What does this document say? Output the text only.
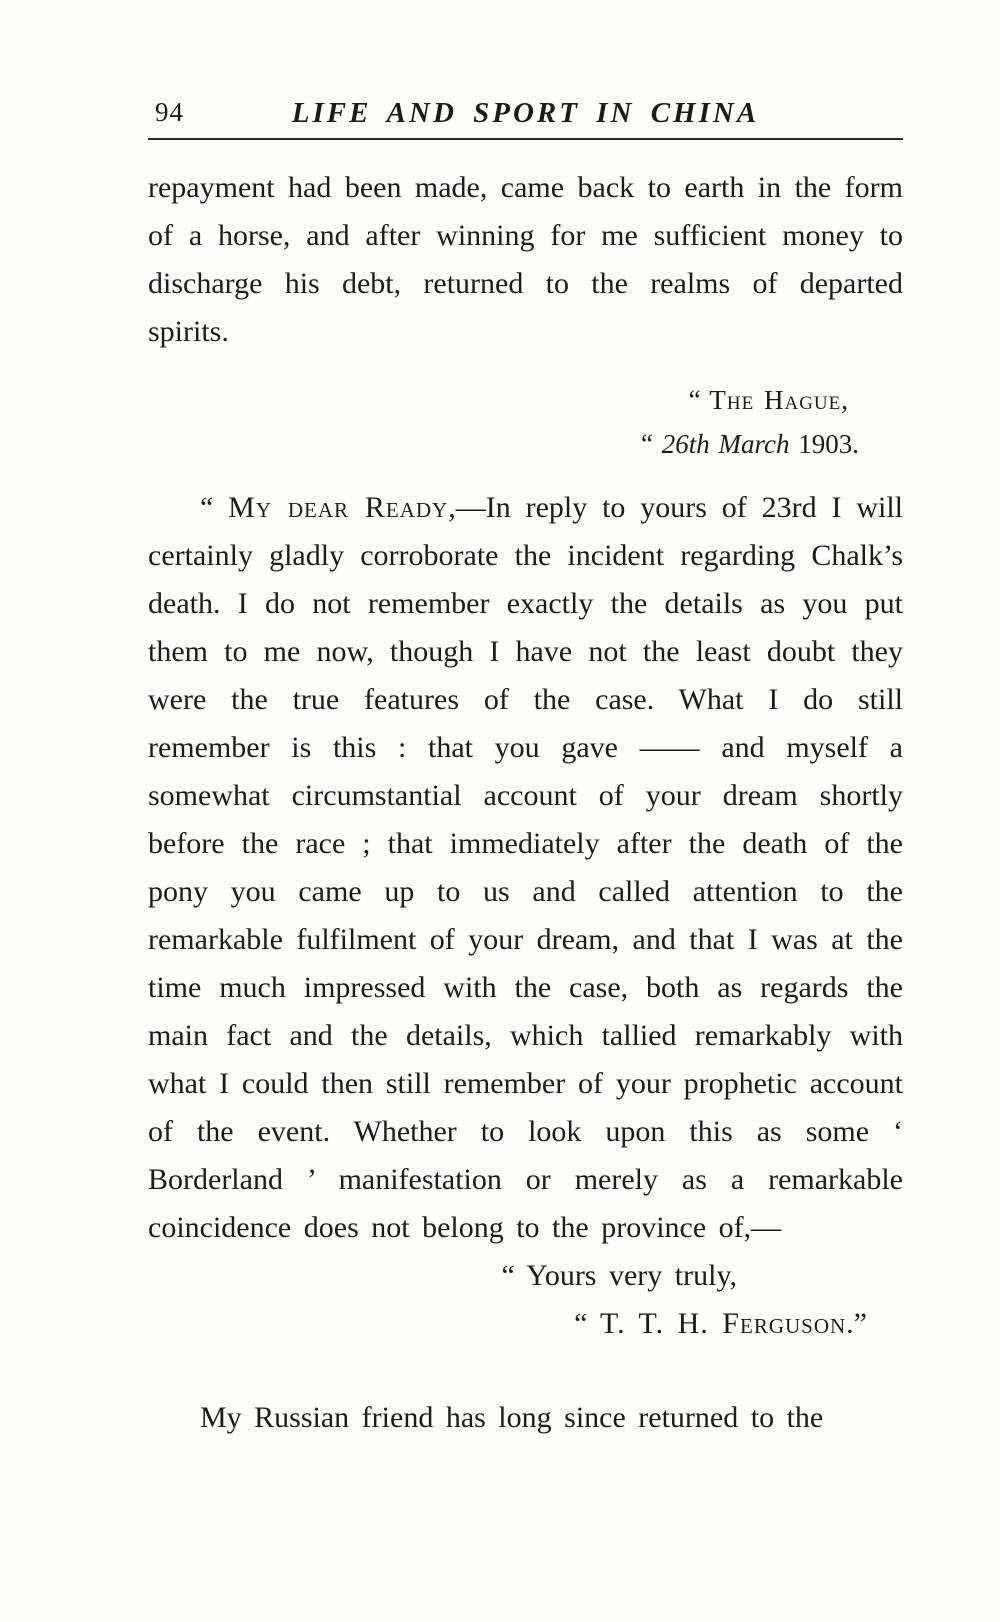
94	LIFE AND SPORT IN CHINA

repayment had been made, came back to earth in the form of a horse, and after winning for me sufficient money to discharge his debt, returned to the realms of departed spirits.

“ The Hague,
“ 26th March 1903.

“ My dear Ready,—In reply to yours of 23rd I will certainly gladly corroborate the incident regarding Chalk’s death. I do not remember exactly the details as you put them to me now, though I have not the least doubt they were the true features of the case. What I do still remember is this : that you gave —— and myself a somewhat circumstantial account of your dream shortly before the race ; that immediately after the death of the pony you came up to us and called attention to the remarkable fulfilment of your dream, and that I was at the time much impressed with the case, both as regards the main fact and the details, which tallied remarkably with what I could then still remember of your prophetic account of the event. Whether to look upon this as some ‘ Borderland ’ manifestation or merely as a remarkable coincidence does not belong to the province of,—

“ Yours very truly,
“ T. T. H. Ferguson.”

My Russian friend has long since returned to the
